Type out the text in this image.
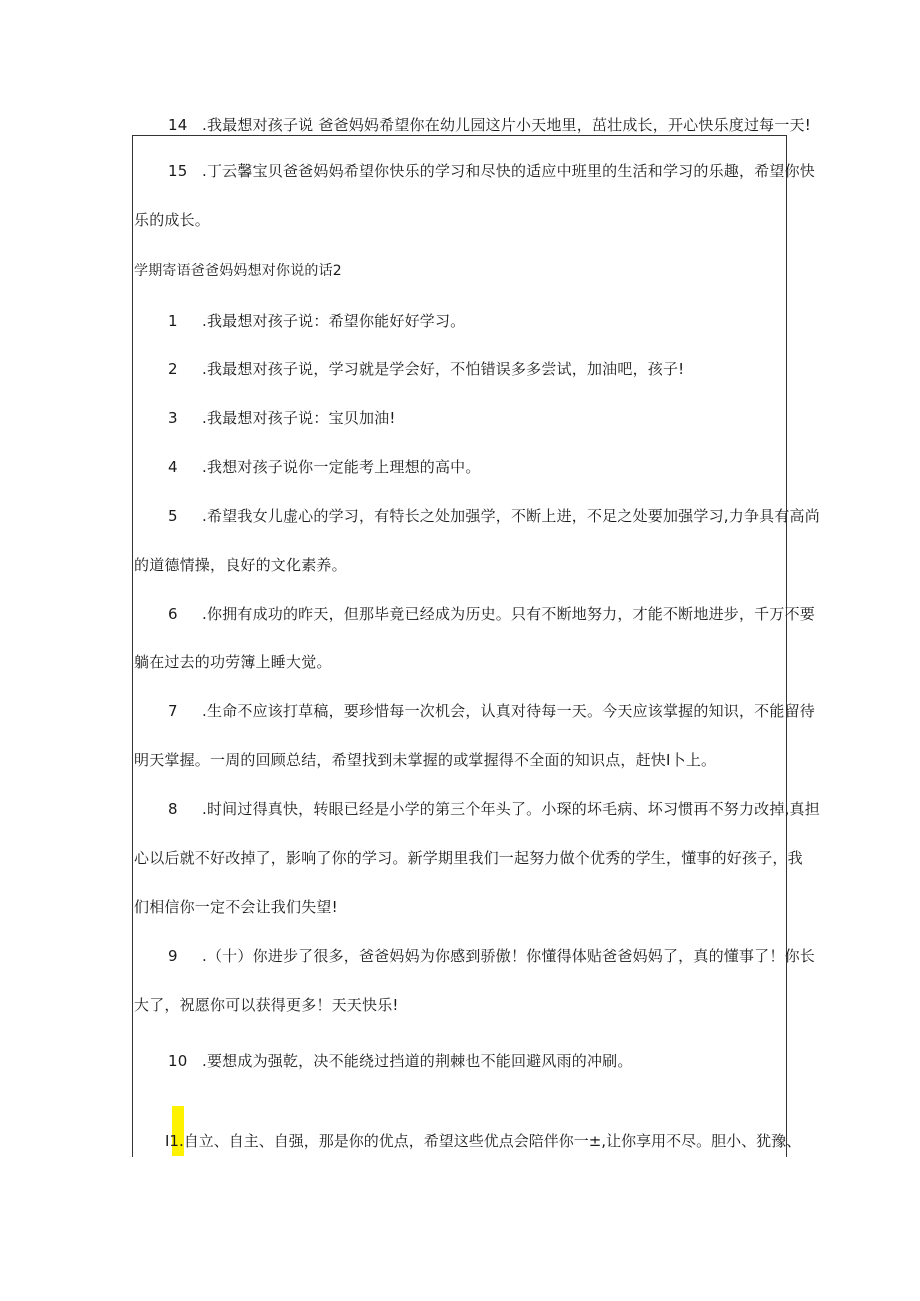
14 .我最想对孩子说 爸爸妈妈希望你在幼儿园这片小天地里，茁壮成长，开心快乐度过每一天!
15 .丁云馨宝贝爸爸妈妈希望你快乐的学习和尽快的适应中班里的生活和学习的乐趣，希望你快
乐的成长。
学期寄语爸爸妈妈想对你说的话2
1 .我最想对孩子说：希望你能好好学习。
2 .我最想对孩子说，学习就是学会好，不怕错误多多尝试，加油吧，孩子!
3 .我最想对孩子说：宝贝加油!
4 .我想对孩子说你一定能考上理想的高中。
5 .希望我女儿虚心的学习，有特长之处加强学，不断上进，不足之处要加强学习,力争具有高尚
的道德情操，良好的文化素养。
6 .你拥有成功的昨天，但那毕竟已经成为历史。只有不断地努力，才能不断地进步，千万不要
躺在过去的功劳簿上睡大觉。
7 .生命不应该打草稿，要珍惜每一次机会，认真对待每一天。今天应该掌握的知识，不能留待
明天掌握。一周的回顾总结，希望找到未掌握的或掌握得不全面的知识点，赶快I卜上。
8 .时间过得真快，转眼已经是小学的第三个年头了。小琛的坏毛病、坏习惯再不努力改掉,真担
心以后就不好改掉了，影响了你的学习。新学期里我们一起努力做个优秀的学生，懂事的好孩子，我
们相信你一定不会让我们失望!
9 .（十）你进步了很多，爸爸妈妈为你感到骄傲！你懂得体贴爸爸妈妈了，真的懂事了！你长
大了，祝愿你可以获得更多！天天快乐!
10 .要想成为强乾，决不能绕过挡道的荆棘也不能回避风雨的冲刷。
I1.自立、自主、自强，那是你的优点，希望这些优点会陪伴你一±,让你享用不尽。胆小、犹豫、
